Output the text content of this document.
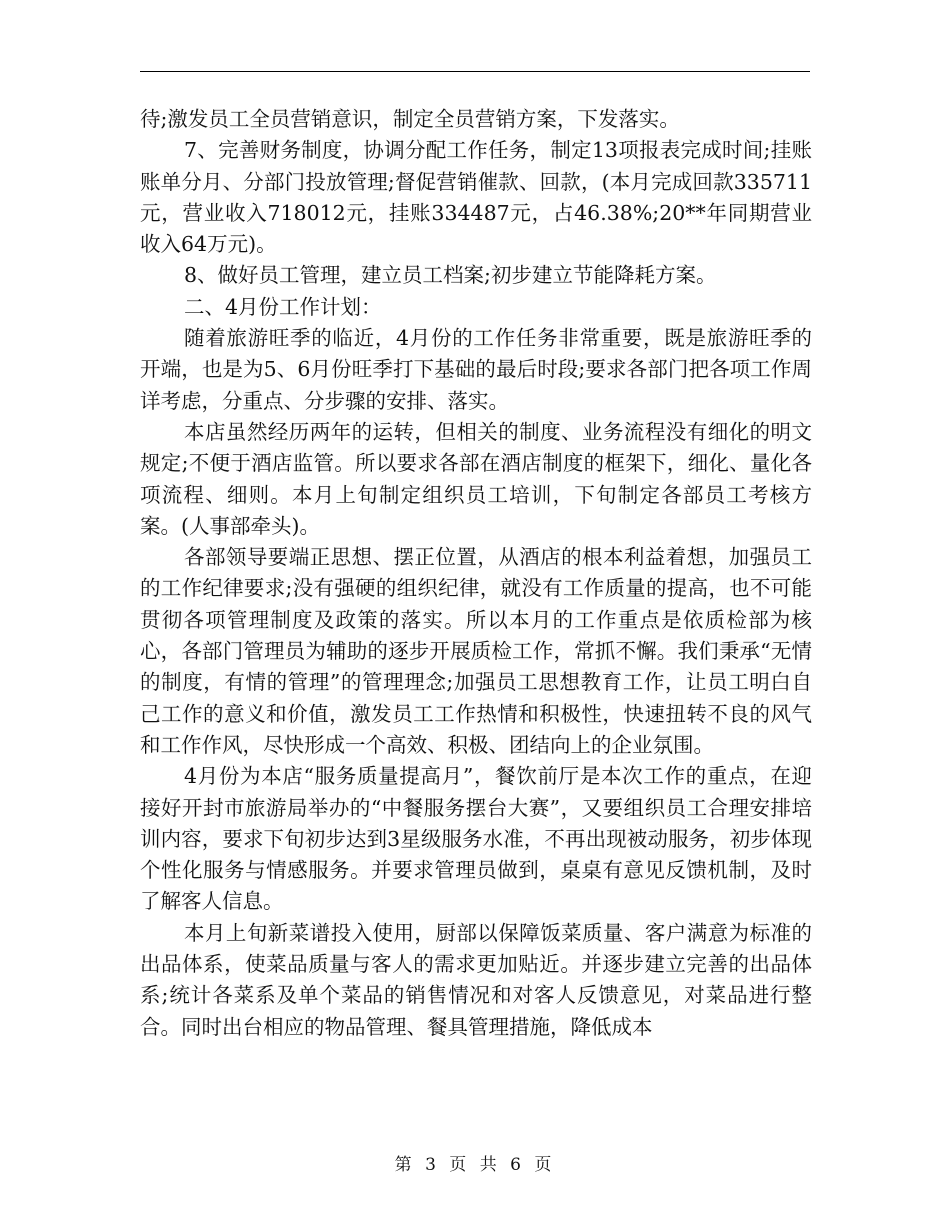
待;激发员工全员营销意识，制定全员营销方案，下发落实。

7、完善财务制度，协调分配工作任务，制定13项报表完成时间;挂账账单分月、分部门投放管理;督促营销催款、回款，(本月完成回款335711元，营业收入718012元，挂账334487元，占46.38%;20**年同期营业收入64万元)。

8、做好员工管理，建立员工档案;初步建立节能降耗方案。

二、4月份工作计划：

随着旅游旺季的临近，4月份的工作任务非常重要，既是旅游旺季的开端，也是为5、6月份旺季打下基础的最后时段;要求各部门把各项工作周详考虑，分重点、分步骤的安排、落实。

本店虽然经历两年的运转，但相关的制度、业务流程没有细化的明文规定;不便于酒店监管。所以要求各部在酒店制度的框架下，细化、量化各项流程、细则。本月上旬制定组织员工培训，下旬制定各部员工考核方案。(人事部牵头)。

各部领导要端正思想、摆正位置，从酒店的根本利益着想，加强员工的工作纪律要求;没有强硬的组织纪律，就没有工作质量的提高，也不可能贯彻各项管理制度及政策的落实。所以本月的工作重点是依质检部为核心，各部门管理员为辅助的逐步开展质检工作，常抓不懈。我们秉承“无情的制度，有情的管理”的管理理念;加强员工思想教育工作，让员工明白自己工作的意义和价值，激发员工工作热情和积极性，快速扭转不良的风气和工作作风，尽快形成一个高效、积极、团结向上的企业氛围。

4月份为本店“服务质量提高月”，餐饮前厅是本次工作的重点，在迎接好开封市旅游局举办的“中餐服务摆台大赛”，又要组织员工合理安排培训内容，要求下旬初步达到3星级服务水准，不再出现被动服务，初步体现个性化服务与情感服务。并要求管理员做到，桌桌有意见反馈机制，及时了解客人信息。

本月上旬新菜谱投入使用，厨部以保障饭菜质量、客户满意为标准的出品体系，使菜品质量与客人的需求更加贴近。并逐步建立完善的出品体系;统计各菜系及单个菜品的销售情况和对客人反馈意见，对菜品进行整合。同时出台相应的物品管理、餐具管理措施，降低成本

第 3 页 共 6 页
